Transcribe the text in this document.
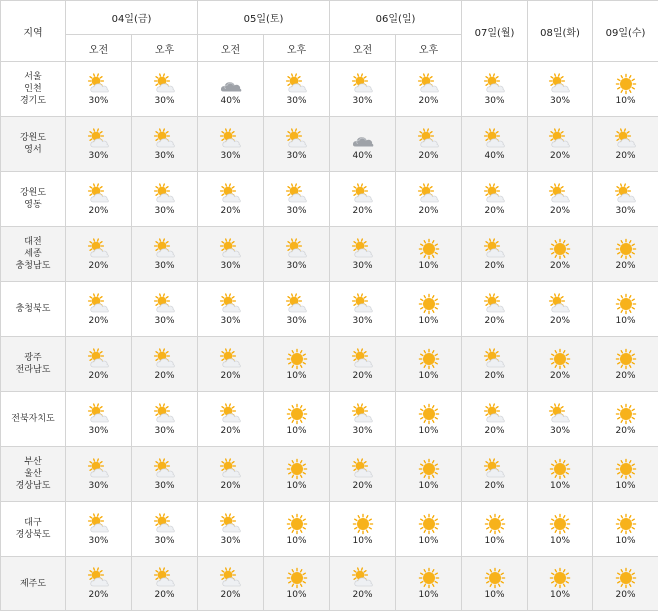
지역	04일(금)		05일(토)		06일(일)		07일(월)	08일(화)	09일(수)
	오전	오후	오전	오후	오전	오후			

서울
인천
경기도	30%	30%	40%	30%	30%	20%	30%	30%	10%

강원도
영서	30%	30%	30%	30%	40%	20%	40%	20%	20%

강원도
영동	20%	30%	20%	30%	20%	20%	20%	20%	30%

대전
세종
충청남도	20%	30%	30%	30%	30%	10%	20%	20%	20%

충청북도	20%	30%	30%	30%	30%	10%	20%	20%	10%

광주
전라남도	20%	20%	20%	10%	20%	10%	20%	20%	20%

전북자치도	30%	30%	20%	10%	30%	10%	20%	30%	20%

부산
울산
경상남도	30%	30%	20%	10%	20%	10%	20%	10%	10%

대구
경상북도	30%	30%	30%	10%	10%	10%	10%	10%	10%

제주도	20%	20%	20%	10%	20%	10%	10%	10%	20%
